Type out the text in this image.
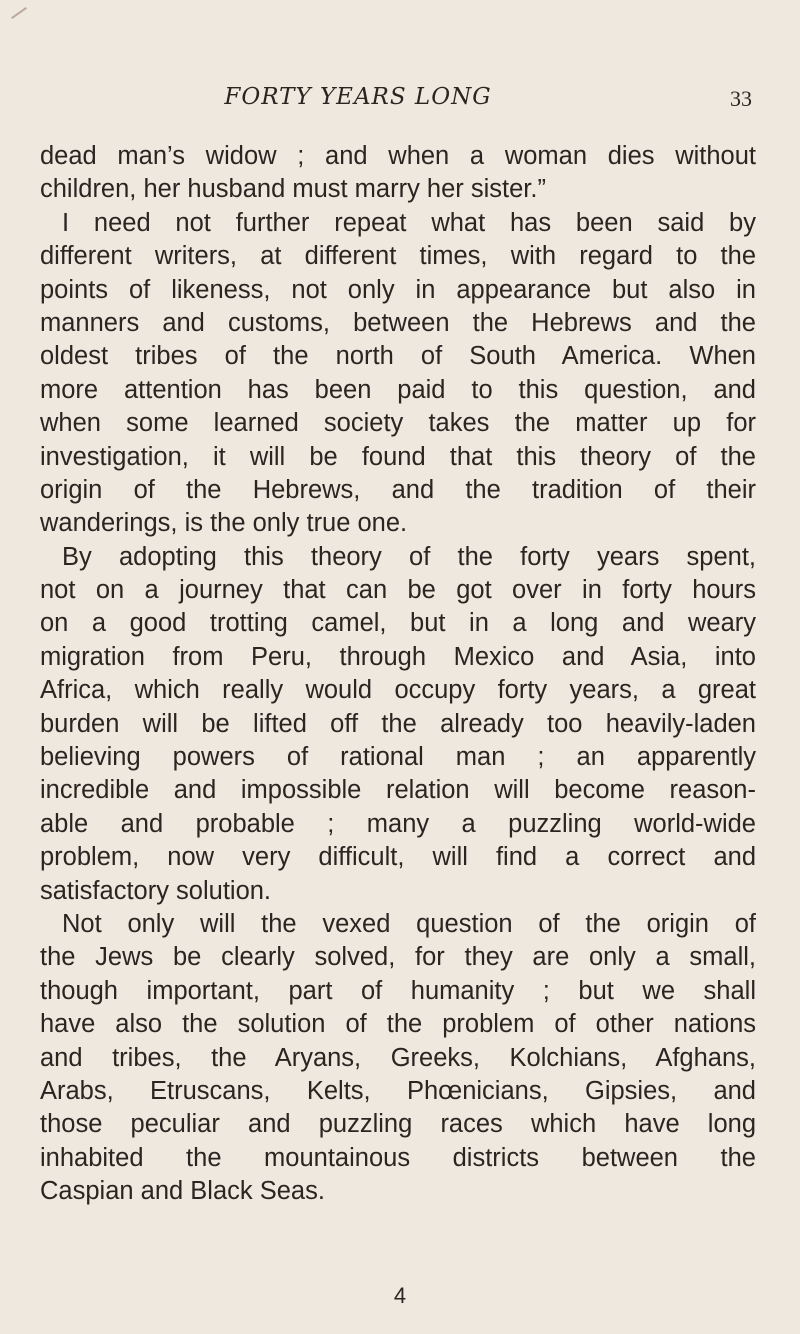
FORTY YEARS LONG	33
dead man’s widow ; and when a woman dies without
children, her husband must marry her sister.”
I need not further repeat what has been said by
different writers, at different times, with regard to the
points of likeness, not only in appearance but also in
manners and customs, between the Hebrews and the
oldest tribes of the north of South America. When
more attention has been paid to this question, and
when some learned society takes the matter up for
investigation, it will be found that this theory of the
origin of the Hebrews, and the tradition of their
wanderings, is the only true one.
By adopting this theory of the forty years spent,
not on a journey that can be got over in forty hours
on a good trotting camel, but in a long and weary
migration from Peru, through Mexico and Asia, into
Africa, which really would occupy forty years, a great
burden will be lifted off the already too heavily-laden
believing powers of rational man ; an apparently
incredible and impossible relation will become reason-
able and probable ; many a puzzling world-wide
problem, now very difficult, will find a correct and
satisfactory solution.
Not only will the vexed question of the origin of
the Jews be clearly solved, for they are only a small,
though important, part of humanity ; but we shall
have also the solution of the problem of other nations
and tribes, the Aryans, Greeks, Kolchians, Afghans,
Arabs, Etruscans, Kelts, Phœnicians, Gipsies, and
those peculiar and puzzling races which have long
inhabited the mountainous districts between the
Caspian and Black Seas.
4
